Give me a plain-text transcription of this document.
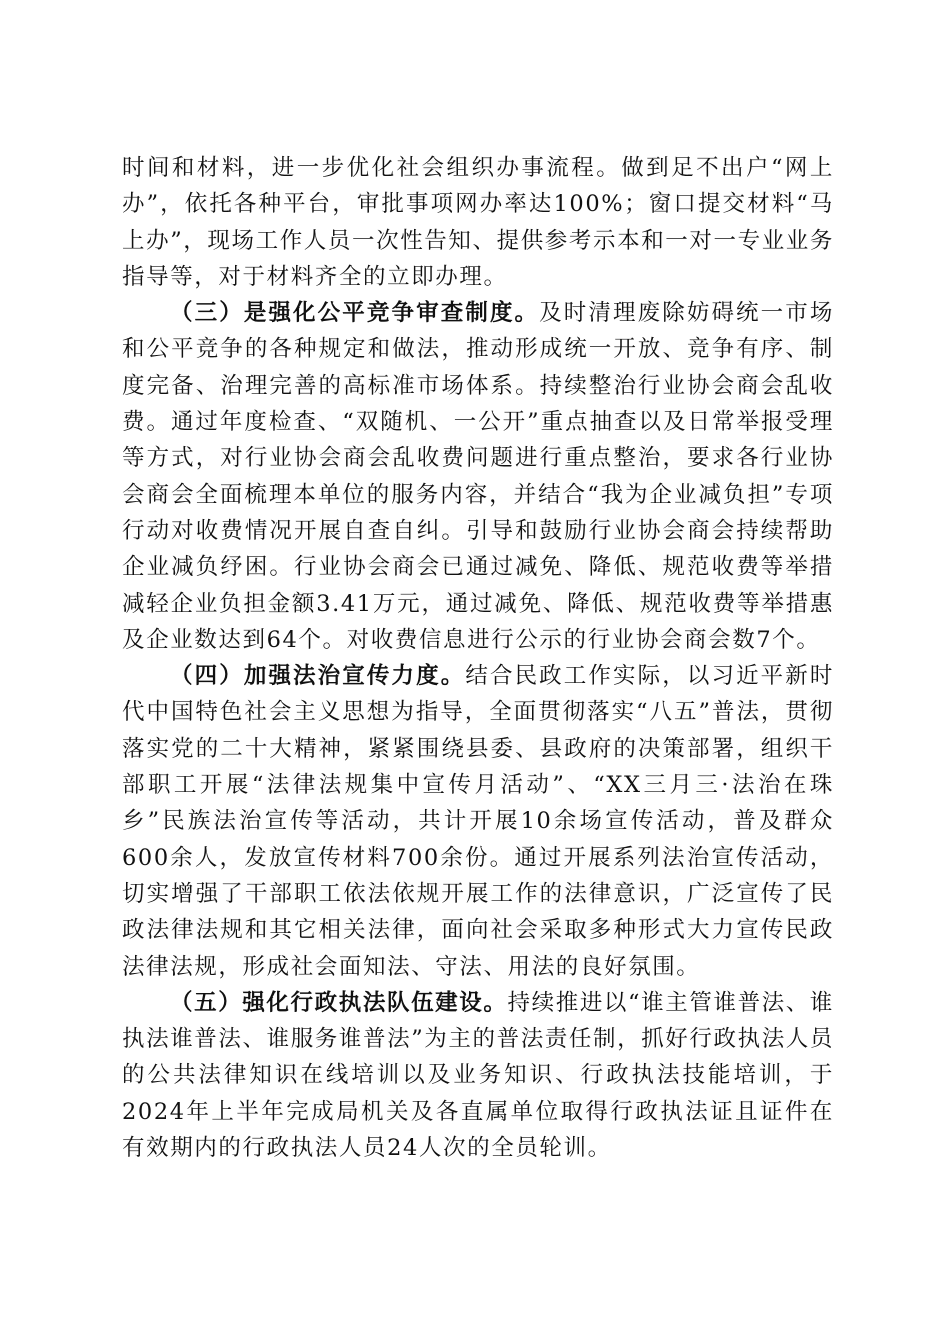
时间和材料，进一步优化社会组织办事流程。做到足不出户“网上办”，依托各种平台，审批事项网办率达100%；窗口提交材料“马上办”，现场工作人员一次性告知、提供参考示本和一对一专业业务指导等，对于材料齐全的立即办理。

（三）是强化公平竞争审查制度。及时清理废除妨碍统一市场和公平竞争的各种规定和做法，推动形成统一开放、竞争有序、制度完备、治理完善的高标准市场体系。持续整治行业协会商会乱收费。通过年度检查、“双随机、一公开”重点抽查以及日常举报受理等方式，对行业协会商会乱收费问题进行重点整治，要求各行业协会商会全面梳理本单位的服务内容，并结合“我为企业减负担”专项行动对收费情况开展自查自纠。引导和鼓励行业协会商会持续帮助企业减负纾困。行业协会商会已通过减免、降低、规范收费等举措减轻企业负担金额3.41万元，通过减免、降低、规范收费等举措惠及企业数达到64个。对收费信息进行公示的行业协会商会数7个。

（四）加强法治宣传力度。结合民政工作实际，以习近平新时代中国特色社会主义思想为指导，全面贯彻落实“八五”普法，贯彻落实党的二十大精神，紧紧围绕县委、县政府的决策部署，组织干部职工开展“法律法规集中宣传月活动”、“XX三月三·法治在珠乡”民族法治宣传等活动，共计开展10余场宣传活动，普及群众600余人，发放宣传材料700余份。通过开展系列法治宣传活动，切实增强了干部职工依法依规开展工作的法律意识，广泛宣传了民政法律法规和其它相关法律，面向社会采取多种形式大力宣传民政法律法规，形成社会面知法、守法、用法的良好氛围。

（五）强化行政执法队伍建设。持续推进以“谁主管谁普法、谁执法谁普法、谁服务谁普法”为主的普法责任制，抓好行政执法人员的公共法律知识在线培训以及业务知识、行政执法技能培训，于2024年上半年完成局机关及各直属单位取得行政执法证且证件在有效期内的行政执法人员24人次的全员轮训。
